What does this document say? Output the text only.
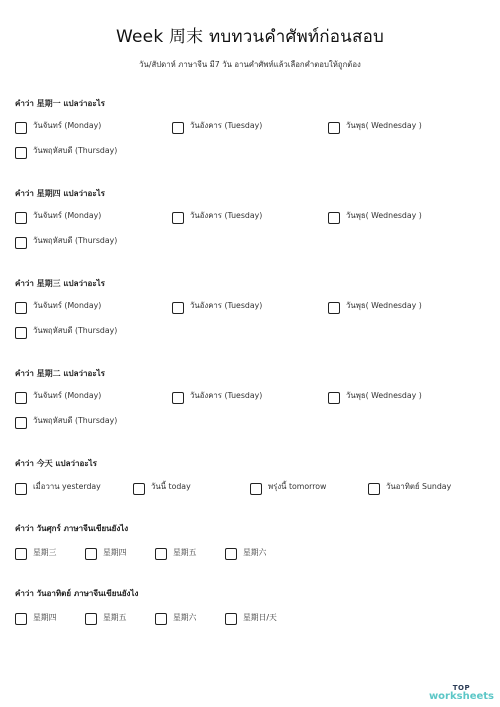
Week 周末 ทบทวนคำศัพท์ก่อนสอบ
วัน/สัปดาห์ ภาษาจีน มี7 วัน อานคำศัพท์แล้วเลือกคำตอบให้ถูกต้อง
คำว่า 星期一 แปลว่าอะไร
วันจันทร์ (Monday)	วันอังคาร (Tuesday)	วันพุธ( Wednesday )
วันพฤหัสบดี (Thursday)
คำว่า 星期四 แปลว่าอะไร
วันจันทร์ (Monday)	วันอังคาร (Tuesday)	วันพุธ( Wednesday )
วันพฤหัสบดี (Thursday)
คำว่า 星期三 แปลว่าอะไร
วันจันทร์ (Monday)	วันอังคาร (Tuesday)	วันพุธ( Wednesday )
วันพฤหัสบดี (Thursday)
คำว่า 星期二 แปลว่าอะไร
วันจันทร์ (Monday)	วันอังคาร (Tuesday)	วันพุธ( Wednesday )
วันพฤหัสบดี (Thursday)
คำว่า 今天 แปลว่าอะไร
เมื่อวาน yesterday	วันนี้ today	พรุ่งนี้ tomorrow	วันอาทิตย์ Sunday
คำว่า วันศุกร์ ภาษาจีนเขียนยังไง
星期三	星期四	星期五	星期六
คำว่า วันอาทิตย์ ภาษาจีนเขียนยังไง
星期四	星期五	星期六	星期日/天
TOP
worksheets
